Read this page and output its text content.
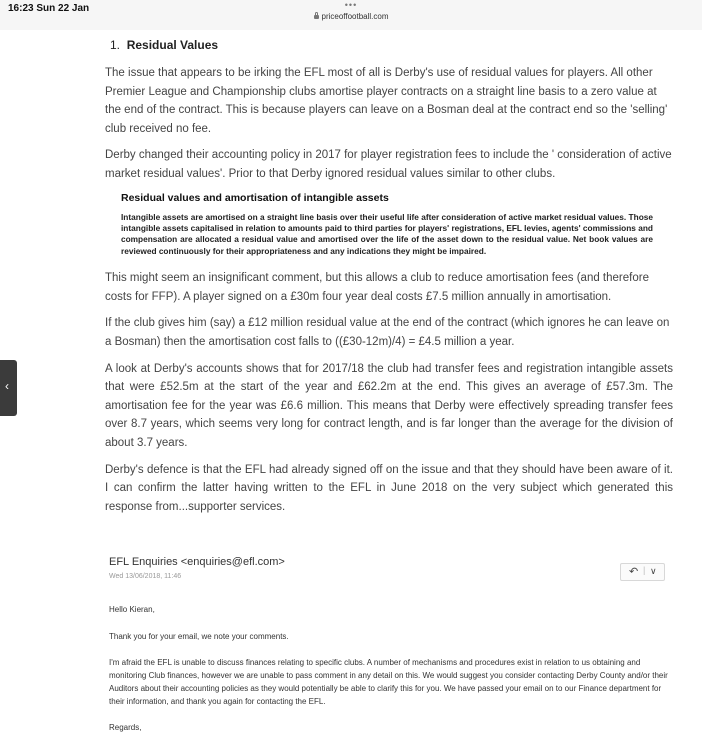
16:23 Sun 22 Jan	•••
priceoffootball.com
‹
1. Residual Values

The issue that appears to be irking the EFL most of all is Derby's use of residual values for players. All other Premier League and Championship clubs amortise player contracts on a straight line basis to a zero value at the end of the contract. This is because players can leave on a Bosman deal at the contract end so the 'selling' club received no fee.

Derby changed their accounting policy in 2017 for player registration fees to include the ' consideration of active market residual values'. Prior to that Derby ignored residual values similar to other clubs.

Residual values and amortisation of intangible assets
Intangible assets are amortised on a straight line basis over their useful life after consideration of active market residual values. Those intangible assets capitalised in relation to amounts paid to third parties for players' registrations, EFL levies, agents' commissions and compensation are allocated a residual value and amortised over the life of the asset down to the residual value. Net book values are reviewed continuously for their appropriateness and any indications they might be impaired.

This might seem an insignificant comment, but this allows a club to reduce amortisation fees (and therefore costs for FFP). A player signed on a £30m four year deal costs £7.5 million annually in amortisation.

If the club gives him (say) a £12 million residual value at the end of the contract (which ignores he can leave on a Bosman) then the amortisation cost falls to ((£30-12m)/4) = £4.5 million a year.

A look at Derby's accounts shows that for 2017/18 the club had transfer fees and registration intangible assets that were £52.5m at the start of the year and £62.2m at the end. This gives an average of £57.3m. The amortisation fee for the year was £6.6 million. This means that Derby were effectively spreading transfer fees over 8.7 years, which seems very long for contract length, and is far longer than the average for the division of about 3.7 years.

Derby's defence is that the EFL had already signed off on the issue and that they should have been aware of it. I can confirm the latter having written to the EFL in June 2018 on the very subject which generated this response from...supporter services.

EFL Enquiries <enquiries@efl.com>
Wed 13/06/2018, 11:46	↶ | ∨
Hello Kieran,
Thank you for your email, we note your comments.
I'm afraid the EFL is unable to discuss finances relating to specific clubs. A number of mechanisms and procedures exist in relation to us obtaining and monitoring Club finances, however we are unable to pass comment in any detail on this. We would suggest you consider contacting Derby County and/or their Auditors about their accounting policies as they would potentially be able to clarify this for you. We have passed your email on to our Finance department for their information, and thank you again for contacting the EFL.
Regards,
